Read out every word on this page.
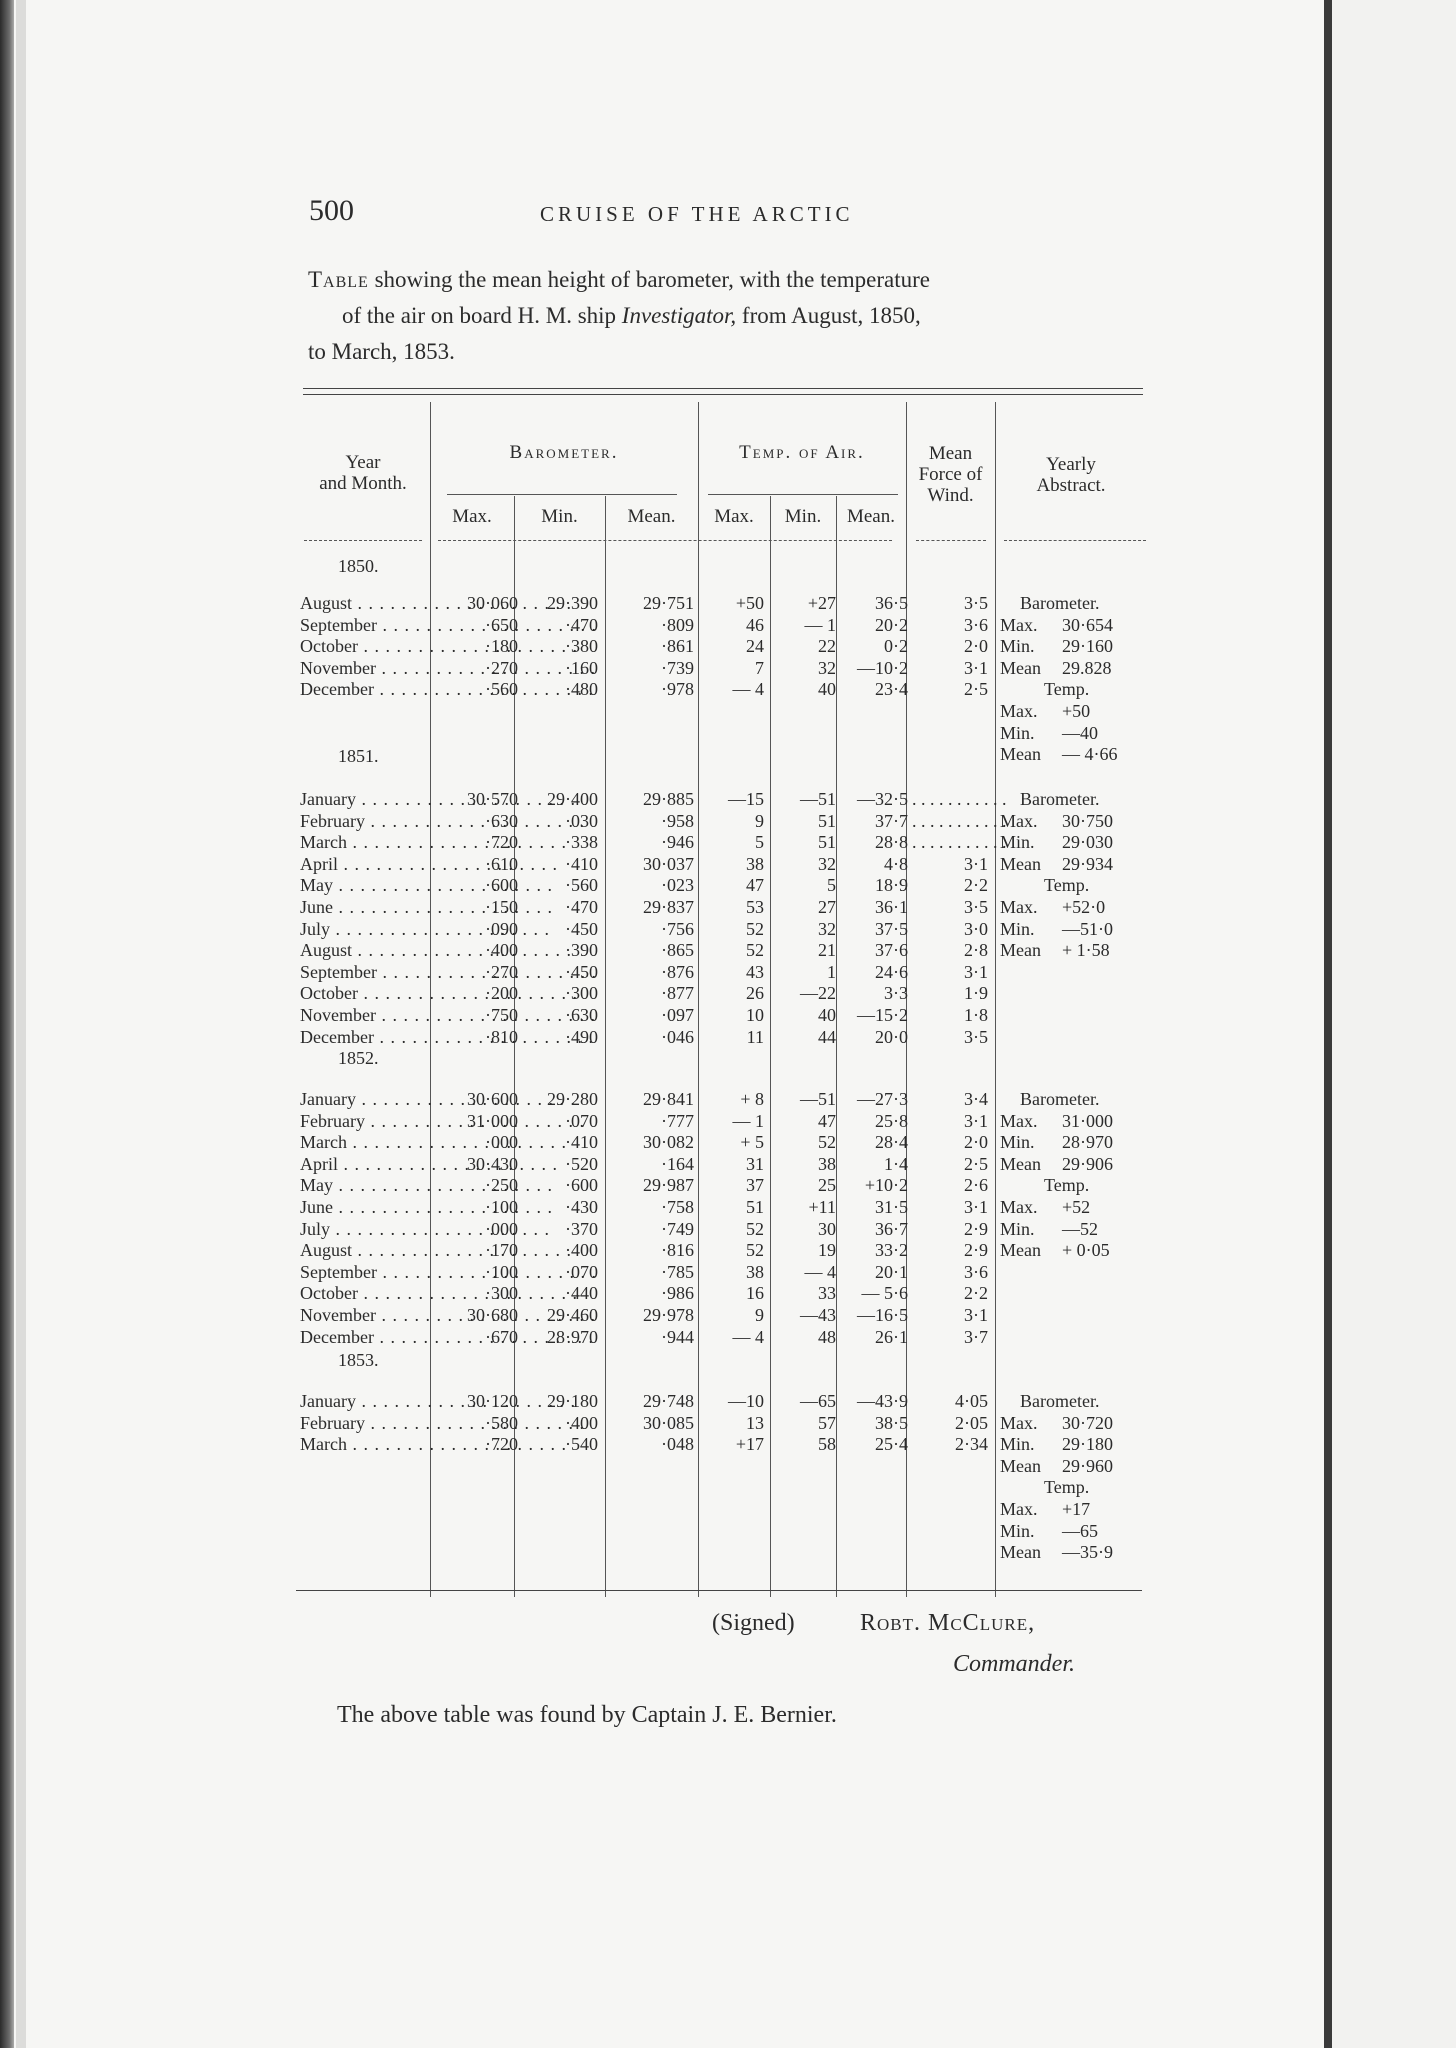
500	CRUISE OF THE ARCTIC
Table showing the mean height of barometer, with the temperature
of the air on board H. M. ship Investigator, from August, 1850,
to March, 1853.
Year
and Month.
Barometer.	Temp. of Air.	Mean
Force of
Wind.
Yearly
Abstract.
Max.	Min.	Mean.	Max.	Min.	Mean.
1850.
August . . .	30·060	29·390	29·751	+50	+27	36·5	3·5
September . . .	·650	·470	·809	46	— 1	20·2	3·6
October . . .	·180	·380	·861	24	22	0·2	2·0
November . . .	·270	·160	·739	7	32	—10·2	3·1
December . . .	·560	·480	·978	— 4	40	23·4	2·5
Barometer.
Max. 30·654
Min. 29·160
Mean 29.828
Temp.
Max. +50
Min. —40
Mean — 4·66
1851.
January . . .	30·570	29·400	29·885	—15	—51	—32·5 . . . . . . . . . . .
February . . .	·630	·030	·958	9	51	37·7 . . . . . . . . . . .
March . . .	·720	·338	·946	5	51	28·8 . . . . . . . . . . .
April . . .	·610	·410	30·037	38	32	4·8	3·1
May . . .	·600	·560	·023	47	5	18·9	2·2
June . . .	·150	·470	29·837	53	27	36·1	3·5
July . . .	·090	·450	·756	52	32	37·5	3·0
August . . .	·400	·390	·865	52	21	37·6	2·8
September . . .	·270	·450	·876	43	1	24·6	3·1
October . . .	·200	·300	·877	26	—22	3·3	1·9
November . . .	·750	·630	·097	10	40	—15·2	1·8
December . . .	·810	·490	·046	11	44	20·0	3·5
Barometer.
Max. 30·750
Min. 29·030
Mean 29·934
Temp.
Max. +52·0
Min. —51·0
Mean + 1·58
1852.
January . . .	30·600	29·280	29·841	+ 8	—51	—27·3	3·4
February . . .	31·000	·070	·777	— 1	47	25·8	3·1
March . . .	·000	·410	30·082	+ 5	52	28·4	2·0
April . . .	30·430	·520	·164	31	38	1·4	2·5
May . . .	·250	·600	29·987	37	25	+10·2	2·6
June . . .	·100	·430	·758	51	+11	31·5	3·1
July . . .	·000	·370	·749	52	30	36·7	2·9
August . . .	·170	·400	·816	52	19	33·2	2·9
September . . .	·100	·070	·785	38	— 4	20·1	3·6
October . . .	·300	·440	·986	16	33	— 5·6	2·2
November . . .	30·680	29·460	29·978	9	—43	—16·5	3·1
December . . .	·670	28·970	·944	— 4	48	26·1	3·7
Barometer.
Max. 31·000
Min. 28·970
Mean 29·906
Temp.
Max. +52
Min. —52
Mean + 0·05
1853.
January . . .	30·120	29·180	29·748	—10	—65	—43·9	4·05
February . . .	·580	·400	30·085	13	57	38·5	2·05
March . . .	·720	·540	·048	+17	58	25·4	2·34
Barometer.
Max. 30·720
Min. 29·180
Mean 29·960
Temp.
Max. +17
Min. —65
Mean —35·9
(Signed)	Robt. McClure,
Commander.
The above table was found by Captain J. E. Bernier.
